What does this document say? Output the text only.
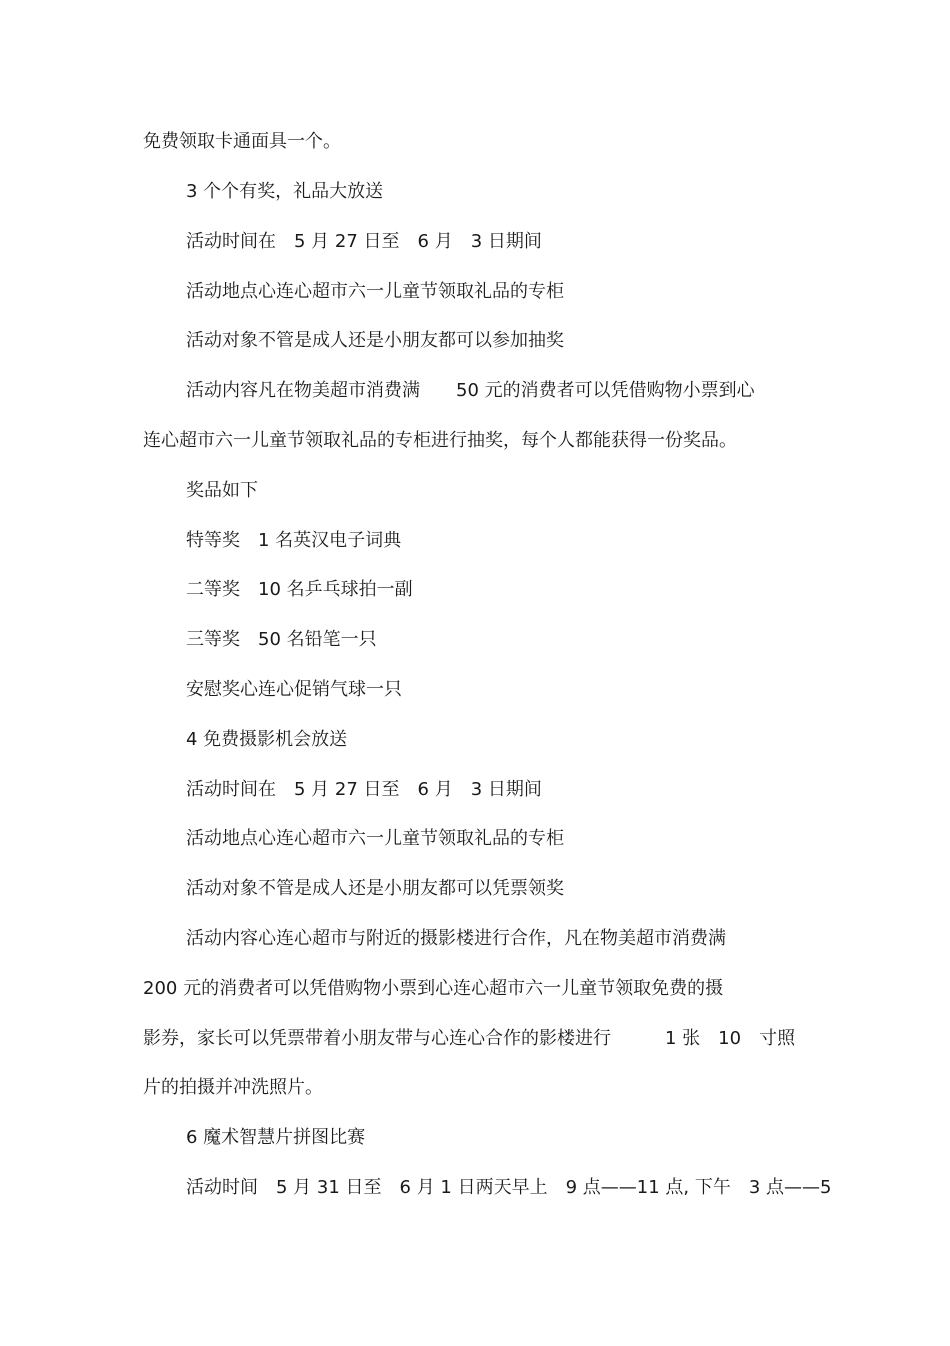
免费领取卡通面具一个。

3 个个有奖，礼品大放送

活动时间在　5 月 27 日至　6 月　3 日期间

活动地点心连心超市六一儿童节领取礼品的专柜

活动对象不管是成人还是小朋友都可以参加抽奖

活动内容凡在物美超市消费满　　50 元的消费者可以凭借购物小票到心

连心超市六一儿童节领取礼品的专柜进行抽奖，每个人都能获得一份奖品。

奖品如下

特等奖　1 名英汉电子词典

二等奖　10 名乒乓球拍一副

三等奖　50 名铅笔一只

安慰奖心连心促销气球一只

4 免费摄影机会放送

活动时间在　5 月 27 日至　6 月　3 日期间

活动地点心连心超市六一儿童节领取礼品的专柜

活动对象不管是成人还是小朋友都可以凭票领奖

活动内容心连心超市与附近的摄影楼进行合作，凡在物美超市消费满

200 元的消费者可以凭借购物小票到心连心超市六一儿童节领取免费的摄

影券，家长可以凭票带着小朋友带与心连心合作的影楼进行　　　1 张　10　寸照

片的拍摄并冲洗照片。

6 魔术智慧片拼图比赛

活动时间　5 月 31 日至　6 月 1 日两天早上　9 点——11 点, 下午　3 点——5
